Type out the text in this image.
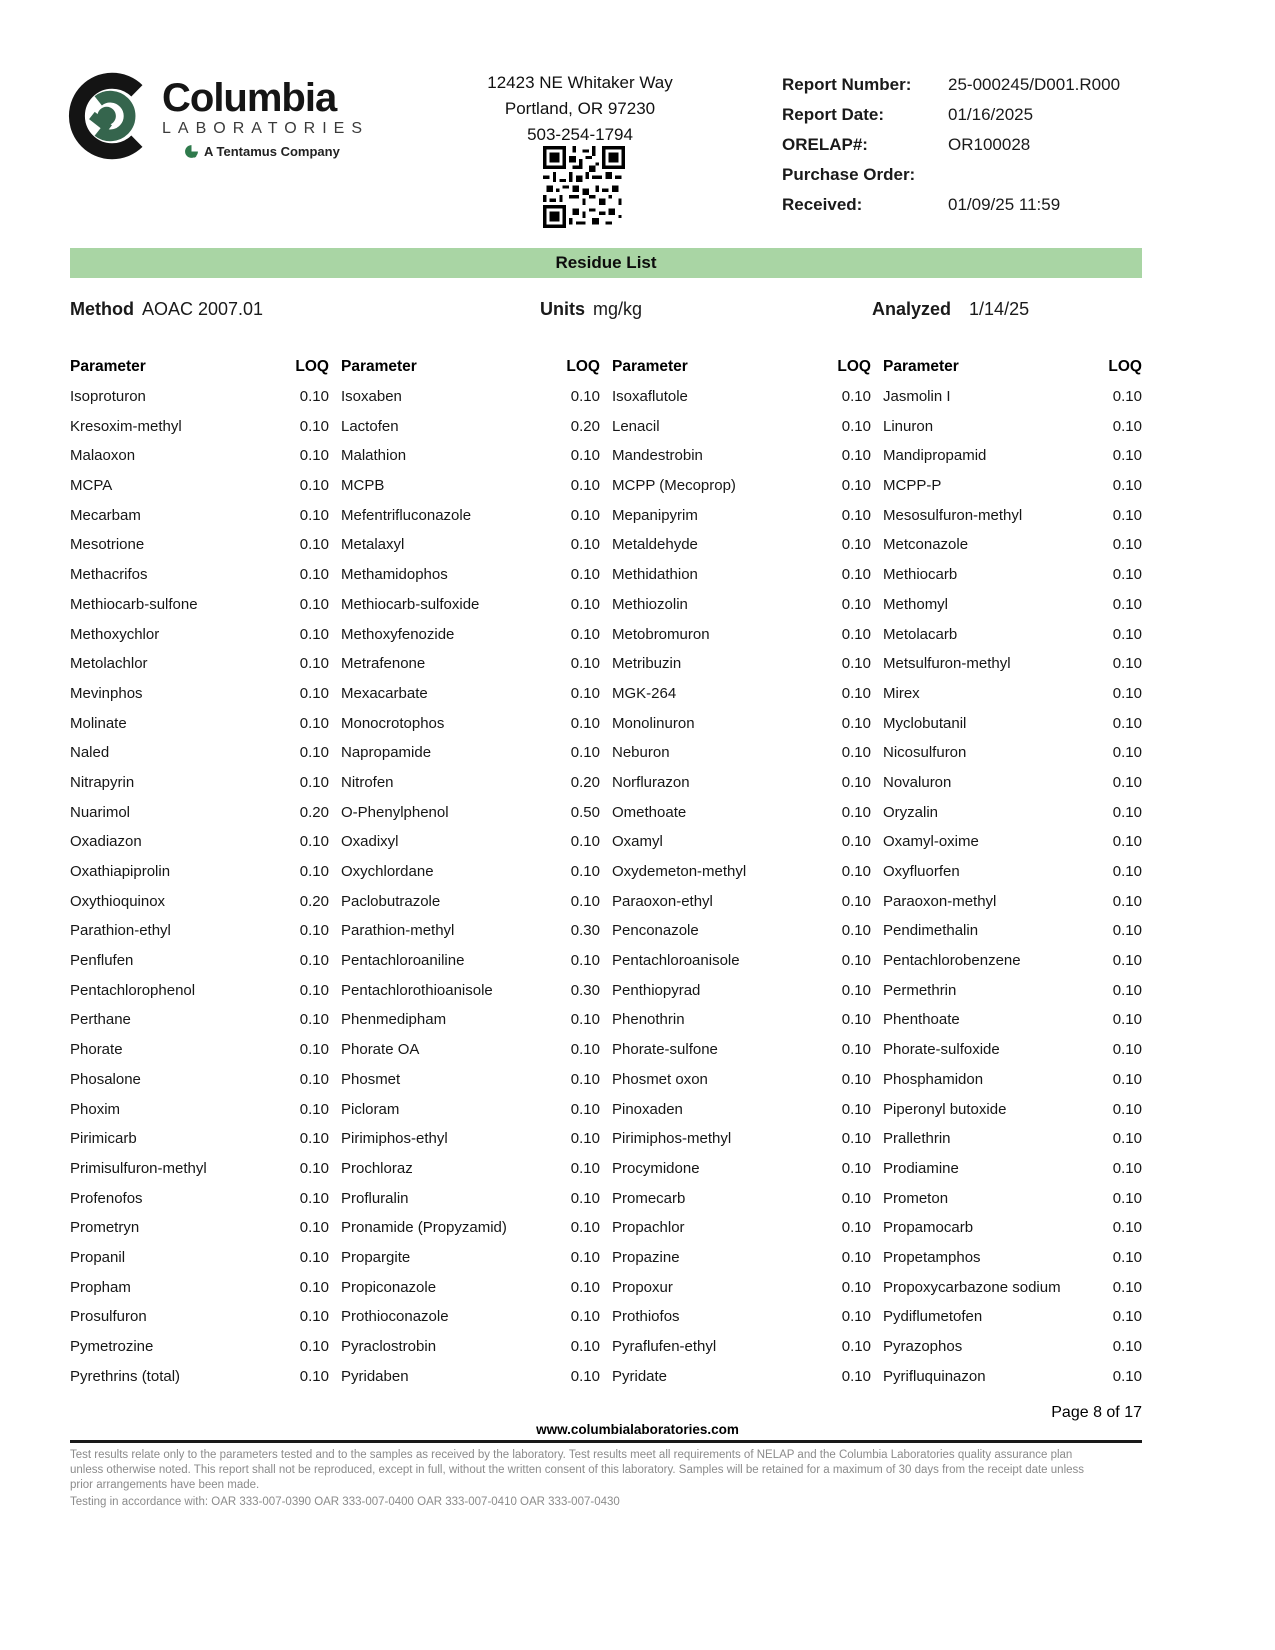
Columbia
LABORATORIES
A Tentamus Company
12423 NE Whitaker Way
Portland, OR 97230
503-254-1794
Report Number:	25-000245/D001.R000
Report Date:	01/16/2025
ORELAP#:	OR100028
Purchase Order:
Received:	01/09/25 11:59
Residue List
Method AOAC 2007.01	Units mg/kg	Analyzed 1/14/25
Parameter	LOQ Parameter	LOQ Parameter	LOQ Parameter	LOQ
Isoproturon	0.10 Isoxaben	0.10 Isoxaflutole	0.10 Jasmolin I	0.10
Kresoxim-methyl	0.10 Lactofen	0.20 Lenacil	0.10 Linuron	0.10
Malaoxon	0.10 Malathion	0.10 Mandestrobin	0.10 Mandipropamid	0.10
MCPA	0.10 MCPB	0.10 MCPP (Mecoprop)	0.10 MCPP-P	0.10
Mecarbam	0.10 Mefentrifluconazole	0.10 Mepanipyrim	0.10 Mesosulfuron-methyl	0.10
Mesotrione	0.10 Metalaxyl	0.10 Metaldehyde	0.10 Metconazole	0.10
Methacrifos	0.10 Methamidophos	0.10 Methidathion	0.10 Methiocarb	0.10
Methiocarb-sulfone	0.10 Methiocarb-sulfoxide	0.10 Methiozolin	0.10 Methomyl	0.10
Methoxychlor	0.10 Methoxyfenozide	0.10 Metobromuron	0.10 Metolacarb	0.10
Metolachlor	0.10 Metrafenone	0.10 Metribuzin	0.10 Metsulfuron-methyl	0.10
Mevinphos	0.10 Mexacarbate	0.10 MGK-264	0.10 Mirex	0.10
Molinate	0.10 Monocrotophos	0.10 Monolinuron	0.10 Myclobutanil	0.10
Naled	0.10 Napropamide	0.10 Neburon	0.10 Nicosulfuron	0.10
Nitrapyrin	0.10 Nitrofen	0.20 Norflurazon	0.10 Novaluron	0.10
Nuarimol	0.20 O-Phenylphenol	0.50 Omethoate	0.10 Oryzalin	0.10
Oxadiazon	0.10 Oxadixyl	0.10 Oxamyl	0.10 Oxamyl-oxime	0.10
Oxathiapiprolin	0.10 Oxychlordane	0.10 Oxydemeton-methyl	0.10 Oxyfluorfen	0.10
Oxythioquinox	0.20 Paclobutrazole	0.10 Paraoxon-ethyl	0.10 Paraoxon-methyl	0.10
Parathion-ethyl	0.10 Parathion-methyl	0.30 Penconazole	0.10 Pendimethalin	0.10
Penflufen	0.10 Pentachloroaniline	0.10 Pentachloroanisole	0.10 Pentachlorobenzene	0.10
Pentachlorophenol	0.10 Pentachlorothioanisole	0.30 Penthiopyrad	0.10 Permethrin	0.10
Perthane	0.10 Phenmedipham	0.10 Phenothrin	0.10 Phenthoate	0.10
Phorate	0.10 Phorate OA	0.10 Phorate-sulfone	0.10 Phorate-sulfoxide	0.10
Phosalone	0.10 Phosmet	0.10 Phosmet oxon	0.10 Phosphamidon	0.10
Phoxim	0.10 Picloram	0.10 Pinoxaden	0.10 Piperonyl butoxide	0.10
Pirimicarb	0.10 Pirimiphos-ethyl	0.10 Pirimiphos-methyl	0.10 Prallethrin	0.10
Primisulfuron-methyl	0.10 Prochloraz	0.10 Procymidone	0.10 Prodiamine	0.10
Profenofos	0.10 Profluralin	0.10 Promecarb	0.10 Prometon	0.10
Prometryn	0.10 Pronamide (Propyzamid)	0.10 Propachlor	0.10 Propamocarb	0.10
Propanil	0.10 Propargite	0.10 Propazine	0.10 Propetamphos	0.10
Propham	0.10 Propiconazole	0.10 Propoxur	0.10 Propoxycarbazone sodium	0.10
Prosulfuron	0.10 Prothioconazole	0.10 Prothiofos	0.10 Pydiflumetofen	0.10
Pymetrozine	0.10 Pyraclostrobin	0.10 Pyraflufen-ethyl	0.10 Pyrazophos	0.10
Pyrethrins (total)	0.10 Pyridaben	0.10 Pyridate	0.10 Pyrifluquinazon	0.10
Page 8 of 17
www.columbialaboratories.com
Test results relate only to the parameters tested and to the samples as received by the laboratory. Test results meet all requirements of NELAP and the Columbia Laboratories quality assurance plan
unless otherwise noted. This report shall not be reproduced, except in full, without the written consent of this laboratory. Samples will be retained for a maximum of 30 days from the receipt date unless
prior arrangements have been made.
Testing in accordance with: OAR 333-007-0390 OAR 333-007-0400 OAR 333-007-0410 OAR 333-007-0430
